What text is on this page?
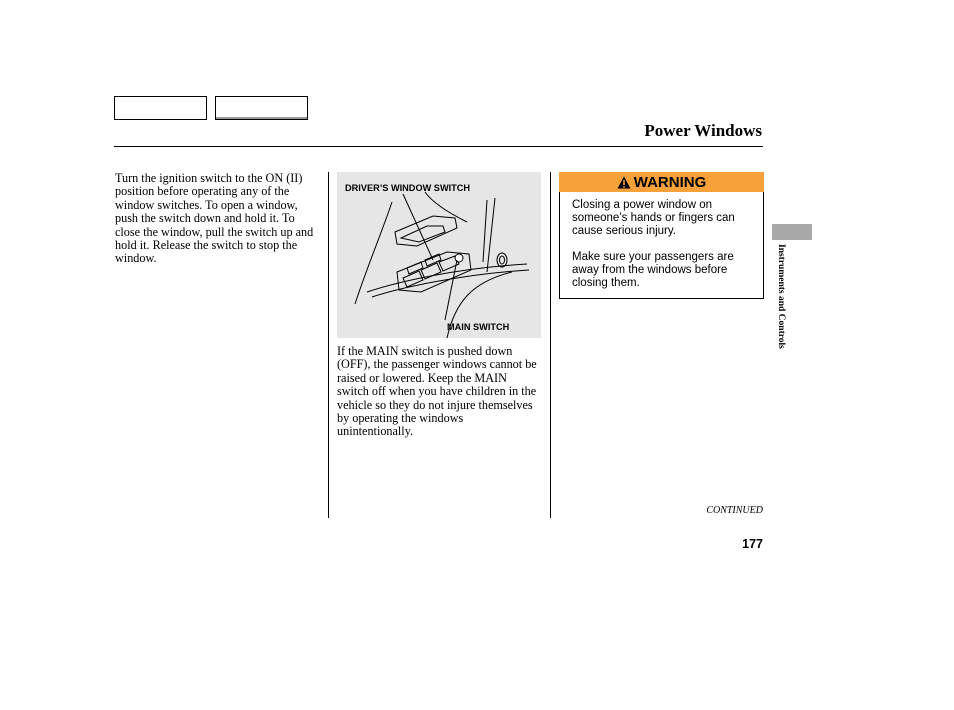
Power Windows
Turn the ignition switch to the ON (II) position before operating any of the window switches. To open a window, push the switch down and hold it. To close the window, pull the switch up and hold it. Release the switch to stop the window.
DRIVER’S WINDOW SWITCH
MAIN SWITCH
If the MAIN switch is pushed down (OFF), the passenger windows cannot be raised or lowered. Keep the MAIN switch off when you have children in the vehicle so they do not injure themselves by operating the windows unintentionally.
WARNING
Closing a power window on someone’s hands or fingers can cause serious injury.
Make sure your passengers are away from the windows before closing them.	Instruments and Controls
CONTINUED
177
